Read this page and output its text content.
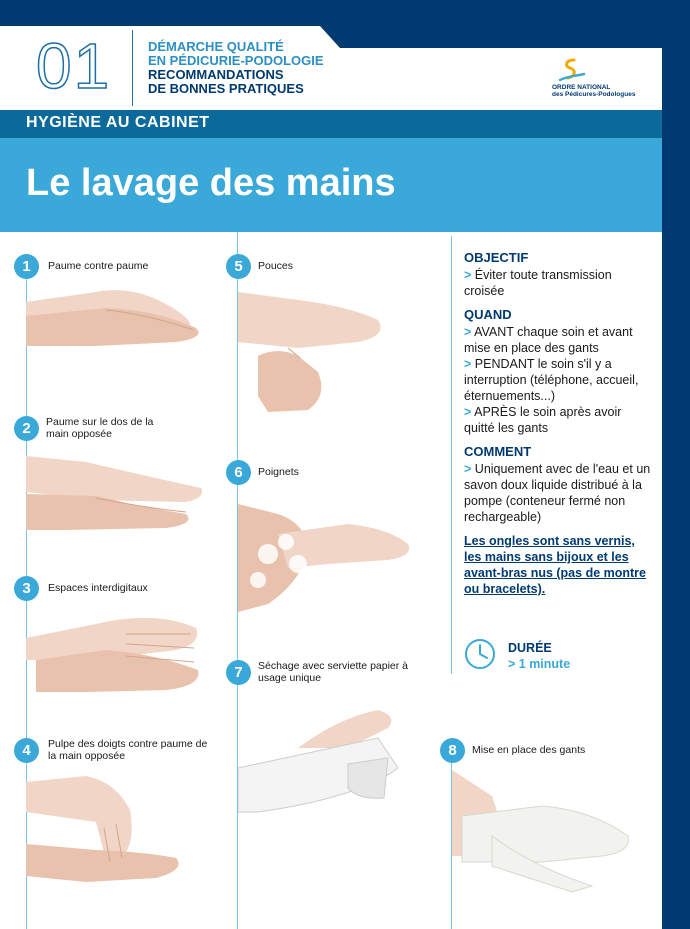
01	DÉMARCHE QUALITÉ
EN PÉDICURIE-PODOLOGIE
RECOMMANDATIONS
DE BONNES PRATIQUES	ORDRE NATIONAL
des Pédicures-Podologues
HYGIÈNE AU CABINET
Le lavage des mains
1	Paume contre paume
2	Paume sur le dos de la main opposée
3	Espaces interdigitaux
4	Pulpe des doigts contre paume de la main opposée
5	Pouces
6	Poignets
7	Séchage avec serviette papier à usage unique
8	Mise en place des gants
OBJECTIF

> Éviter toute transmission croisée

QUAND

> AVANT chaque soin et avant mise en place des gants

> PENDANT le soin s'il y a interruption (téléphone, accueil, éternuements...)

> APRÈS le soin après avoir quitté les gants

COMMENT

> Uniquement avec de l'eau et un savon doux liquide distribué à la pompe (conteneur fermé non rechargeable)

Les ongles sont sans vernis, les mains sans bijoux et les avant-bras nus (pas de montre ou bracelets).
DURÉE
> 1 minute
